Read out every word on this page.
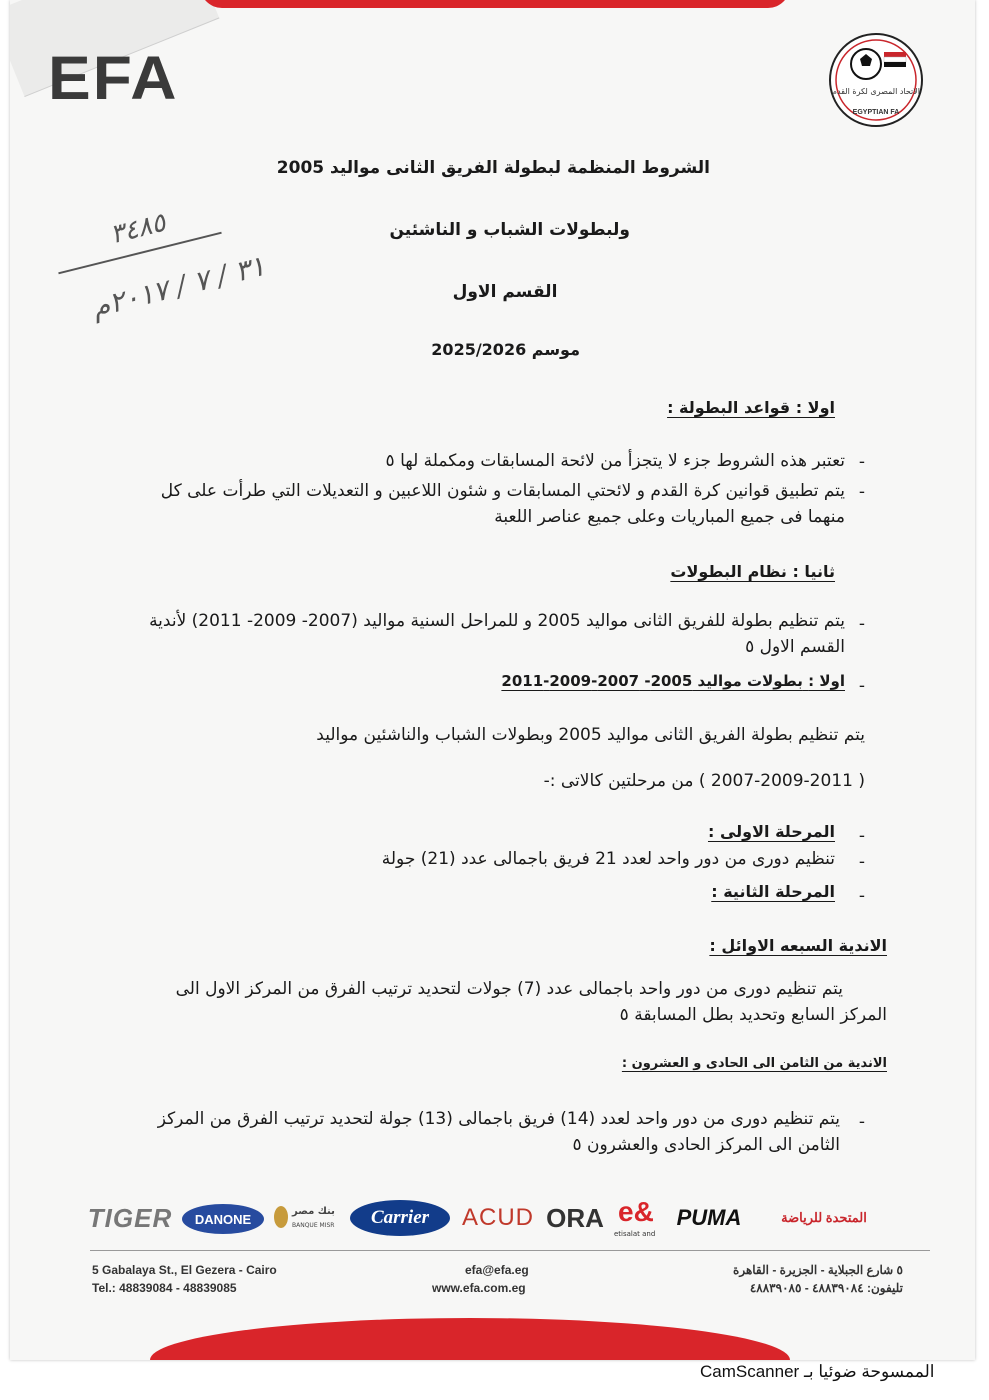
EFA	الاتحاد المصرى لكرة القدم
EGYPTIAN FA
٣٤٨٥
٣١ / ٧ / ٢٠١٧م
الشروط المنظمة لبطولة الفريق الثانى مواليد 2005
ولبطولات الشباب و الناشئين
القسم الاول
موسم 2025/2026
اولا : قواعد البطولة :
-
تعتبر هذه الشروط جزء لا يتجزأ من لائحة المسابقات ومكملة لها ٥
-
يتم تطبيق قوانين كرة القدم و لائحتي المسابقات و شئون اللاعبين و التعديلات التي طرأت على كل منهما فى جميع المباريات وعلى جميع عناصر اللعبة
ثانيا : نظام البطولات
-
يتم تنظيم بطولة للفريق الثانى مواليد 2005 و للمراحل السنية مواليد (2007- 2009- 2011) لأندية القسم الاول ٥
-
اولا : بطولات مواليد 2005- 2007-2009-2011
يتم تنظيم بطولة الفريق الثانى مواليد 2005 وبطولات الشباب والناشئين مواليد
( 2007-2009-2011 ) من مرحلتين كالاتى :-
-
المرحلة الاولى :
-
تنظيم دورى من دور واحد لعدد 21 فريق باجمالى عدد (21) جولة
-
المرحلة الثانية :
الاندية السبعه الاوائل :
يتم تنظيم دورى من دور واحد باجمالى عدد (7) جولات لتحديد ترتيب الفرق من المركز الاول الى المركز السابع وتحديد بطل المسابقة ٥
الاندية من الثامن الى الحادى و العشرون :
-
يتم تنظيم دورى من دور واحد لعدد (14) فريق باجمالى (13) جولة لتحديد ترتيب الفرق من المركز الثامن الى المركز الحادى والعشرون ٥
TIGER	DANONE	بنك مصر
BANQUE MISR	Carrier	ACUD ORA e&
etisalat and
PUMA	المتحدة للرياضة
5 Gabalaya St., El Gezera - Cairo
Tel.: 48839084 - 48839085
efa@efa.eg
www.efa.com.eg
٥ شارع الجبلاية - الجزيرة - القاهرة
تليفون: ٤٨٨٣٩٠٨٤ - ٤٨٨٣٩٠٨٥
الممسوحة ضوئيا بـ CamScanner
